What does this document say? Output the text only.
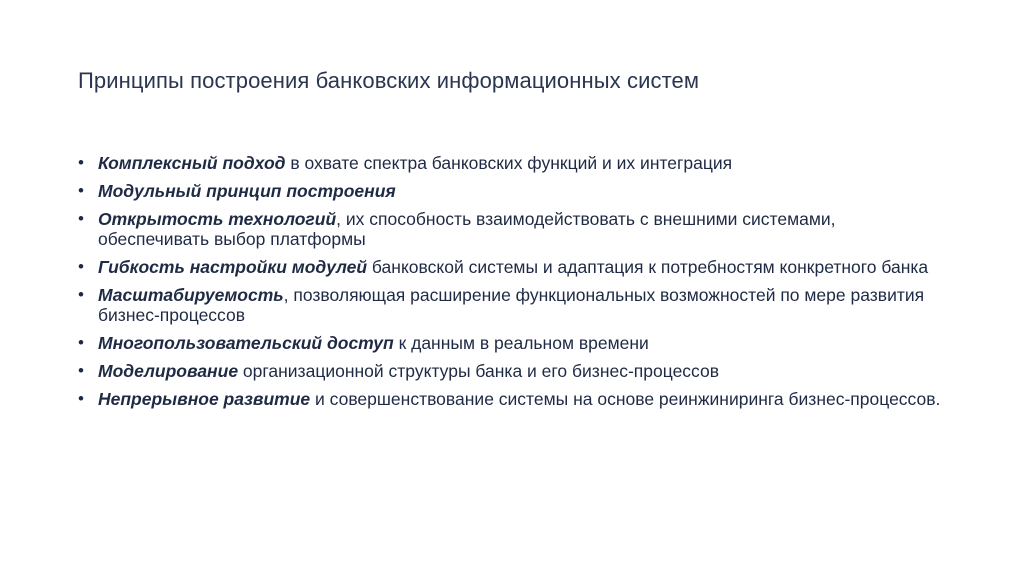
Принципы построения банковских информационных систем
• Комплексный подход в охвате спектра банковских функций и их интеграция
• Модульный принцип построения
• Открытость технологий, их способность взаимодействовать с внешними системами, обеспечивать выбор платформы
• Гибкость настройки модулей банковской системы и адаптация к потребностям конкретного банка
• Масштабируемость, позволяющая расширение функциональных возможностей по мере развития бизнес-процессов
• Многопользовательский доступ к данным в реальном времени
• Моделирование организационной структуры банка и его бизнес-процессов
• Непрерывное развитие и совершенствование системы на основе реинжиниринга бизнес-процессов.
